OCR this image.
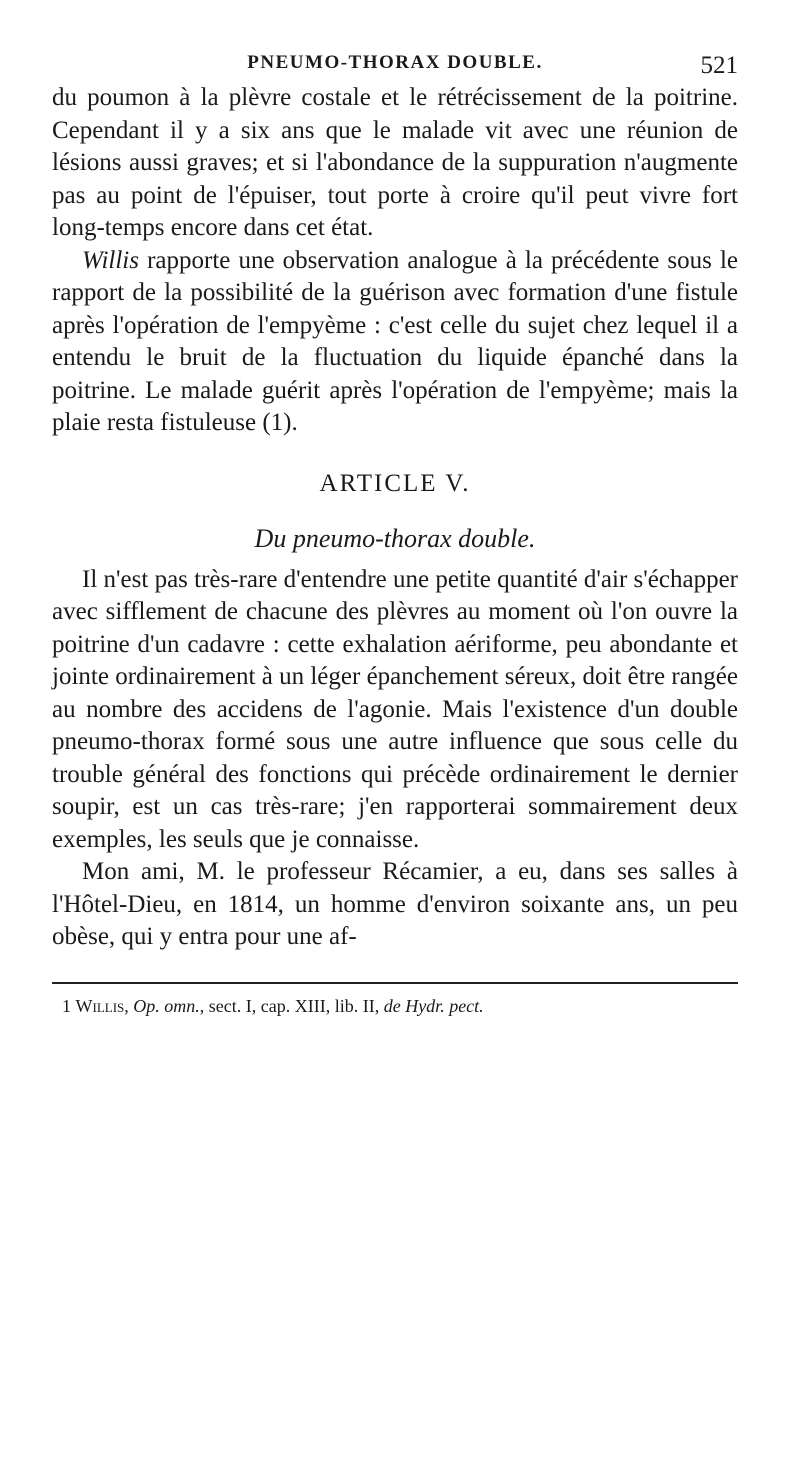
PNEUMO-THORAX DOUBLE.	521

du poumon à la plèvre costale et le rétrécissement de la poitrine. Cependant il y a six ans que le malade vit avec une réunion de lésions aussi graves; et si l'abondance de la suppuration n'augmente pas au point de l'épuiser, tout porte à croire qu'il peut vivre fort long-temps encore dans cet état.

Willis rapporte une observation analogue à la précédente sous le rapport de la possibilité de la guérison avec formation d'une fistule après l'opération de l'empyème : c'est celle du sujet chez lequel il a entendu le bruit de la fluctuation du liquide épanché dans la poitrine. Le malade guérit après l'opération de l'empyème; mais la plaie resta fistuleuse (1).

ARTICLE V.
Du pneumo-thorax double.

Il n'est pas très-rare d'entendre une petite quantité d'air s'échapper avec sifflement de chacune des plèvres au moment où l'on ouvre la poitrine d'un cadavre : cette exhalation aériforme, peu abondante et jointe ordinairement à un léger épanchement séreux, doit être rangée au nombre des accidens de l'agonie. Mais l'existence d'un double pneumo-thorax formé sous une autre influence que sous celle du trouble général des fonctions qui précède ordinairement le dernier soupir, est un cas très-rare; j'en rapporterai sommairement deux exemples, les seuls que je connaisse.

Mon ami, M. le professeur Récamier, a eu, dans ses salles à l'Hôtel-Dieu, en 1814, un homme d'environ soixante ans, un peu obèse, qui y entra pour une af-

1 Willis, Op. omn., sect. I, cap. XIII, lib. II, de Hydr. pect.
